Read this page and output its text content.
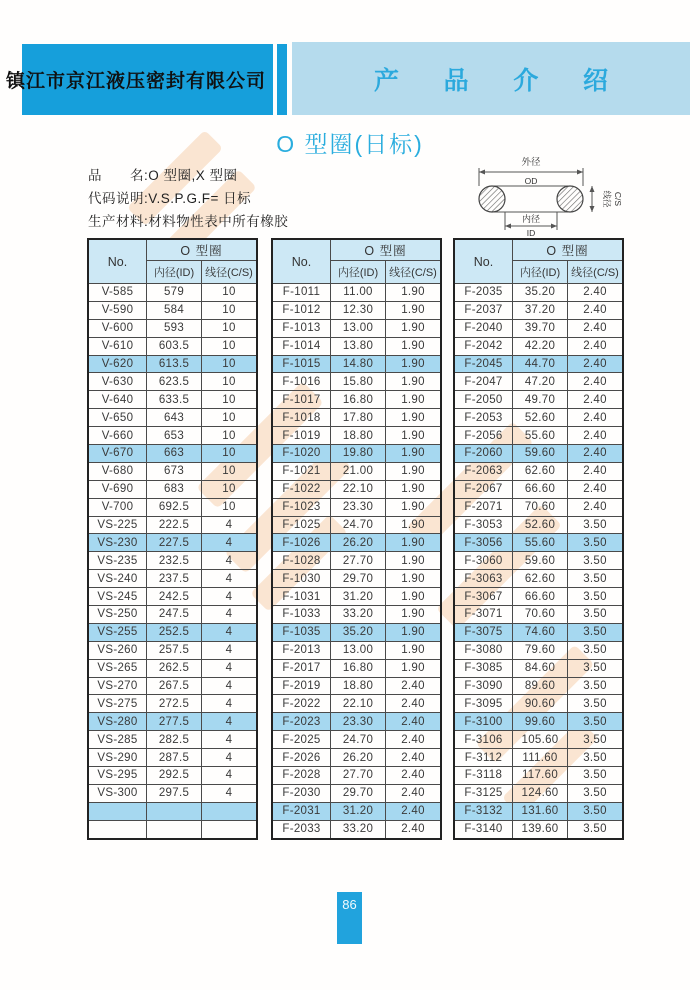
镇江市京江液压密封有限公司	产 品 介 绍
O 型圈(日标)
品　　名:O 型圈,X 型圈
代码说明:V.S.P.G.F= 日标
生产材料:材料物性表中所有橡胶
外径
OD
内径
ID
线径 C/S
No.	O 型圈	
	内径(ID)	线径(C/S)
V-585	579	10
V-590	584	10
V-600	593	10
V-610	603.5	10
V-620	613.5	10
V-630	623.5	10
V-640	633.5	10
V-650	643	10
V-660	653	10
V-670	663	10
V-680	673	10
V-690	683	10
V-700	692.5	10
VS-225	222.5	4
VS-230	227.5	4
VS-235	232.5	4
VS-240	237.5	4
VS-245	242.5	4
VS-250	247.5	4
VS-255	252.5	4
VS-260	257.5	4
VS-265	262.5	4
VS-270	267.5	4
VS-275	272.5	4
VS-280	277.5	4
VS-285	282.5	4
VS-290	287.5	4
VS-295	292.5	4
VS-300	297.5	4

No.	O 型圈	
	内径(ID)	线径(C/S)
F-1011	11.00	1.90
F-1012	12.30	1.90
F-1013	13.00	1.90
F-1014	13.80	1.90
F-1015	14.80	1.90
F-1016	15.80	1.90
F-1017	16.80	1.90
F-1018	17.80	1.90
F-1019	18.80	1.90
F-1020	19.80	1.90
F-1021	21.00	1.90
F-1022	22.10	1.90
F-1023	23.30	1.90
F-1025	24.70	1.90
F-1026	26.20	1.90
F-1028	27.70	1.90
F-1030	29.70	1.90
F-1031	31.20	1.90
F-1033	33.20	1.90
F-1035	35.20	1.90
F-2013	13.00	1.90
F-2017	16.80	1.90
F-2019	18.80	2.40
F-2022	22.10	2.40
F-2023	23.30	2.40
F-2025	24.70	2.40
F-2026	26.20	2.40
F-2028	27.70	2.40
F-2030	29.70	2.40
F-2031	31.20	2.40
F-2033	33.20	2.40
No.	O 型圈	
	内径(ID)	线径(C/S)
F-2035	35.20	2.40
F-2037	37.20	2.40
F-2040	39.70	2.40
F-2042	42.20	2.40
F-2045	44.70	2.40
F-2047	47.20	2.40
F-2050	49.70	2.40
F-2053	52.60	2.40
F-2056	55.60	2.40
F-2060	59.60	2.40
F-2063	62.60	2.40
F-2067	66.60	2.40
F-2071	70.60	2.40
F-3053	52.60	3.50
F-3056	55.60	3.50
F-3060	59.60	3.50
F-3063	62.60	3.50
F-3067	66.60	3.50
F-3071	70.60	3.50
F-3075	74.60	3.50
F-3080	79.60	3.50
F-3085	84.60	3.50
F-3090	89.60	3.50
F-3095	90.60	3.50
F-3100	99.60	3.50
F-3106	105.60	3.50
F-3112	111.60	3.50
F-3118	117.60	3.50
F-3125	124.60	3.50
F-3132	131.60	3.50
F-3140	139.60	3.50
86
